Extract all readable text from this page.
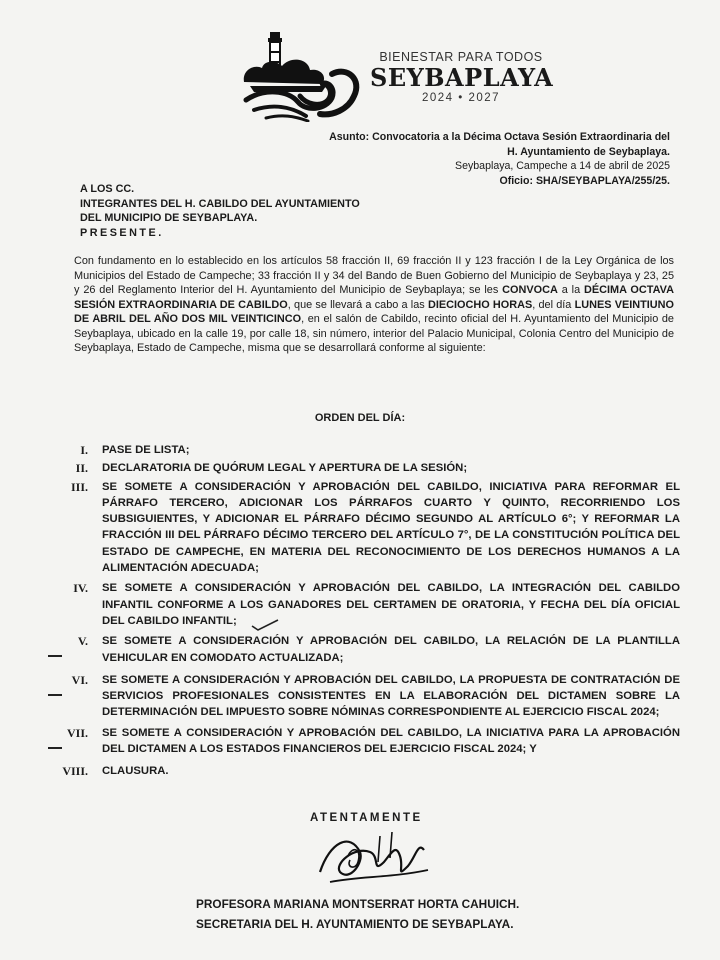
BIENESTAR PARA TODOS
SEYBAPLAYA
2024 • 2027
Asunto: Convocatoria a la Décima Octava Sesión Extraordinaria del
H. Ayuntamiento de Seybaplaya.
Seybaplaya, Campeche a 14 de abril de 2025
Oficio: SHA/SEYBAPLAYA/255/25.
A LOS CC.
INTEGRANTES DEL H. CABILDO DEL AYUNTAMIENTO
DEL MUNICIPIO DE SEYBAPLAYA.
PRESENTE.
Con fundamento en lo establecido en los artículos 58 fracción II, 69 fracción II y 123 fracción I de la Ley Orgánica de los Municipios del Estado de Campeche; 33 fracción II y 34 del Bando de Buen Gobierno del Municipio de Seybaplaya y 23, 25 y 26 del Reglamento Interior del H. Ayuntamiento del Municipio de Seybaplaya; se les CONVOCA a la DÉCIMA OCTAVA SESIÓN EXTRAORDINARIA DE CABILDO, que se llevará a cabo a las DIECIOCHO HORAS, del día LUNES VEINTIUNO DE ABRIL DEL AÑO DOS MIL VEINTICINCO, en el salón de Cabildo, recinto oficial del H. Ayuntamiento del Municipio de Seybaplaya, ubicado en la calle 19, por calle 18, sin número, interior del Palacio Municipal, Colonia Centro del Municipio de Seybaplaya, Estado de Campeche, misma que se desarrollará conforme al siguiente:
ORDEN DEL DÍA:
I. PASE DE LISTA;
II. DECLARATORIA DE QUÓRUM LEGAL Y APERTURA DE LA SESIÓN;
III. SE SOMETE A CONSIDERACIÓN Y APROBACIÓN DEL CABILDO, INICIATIVA PARA REFORMAR EL PÁRRAFO TERCERO, ADICIONAR LOS PÁRRAFOS CUARTO Y QUINTO, RECORRIENDO LOS SUBSIGUIENTES, Y ADICIONAR EL PÁRRAFO DÉCIMO SEGUNDO AL ARTÍCULO 6°; Y REFORMAR LA FRACCIÓN III DEL PÁRRAFO DÉCIMO TERCERO DEL ARTÍCULO 7°, DE LA CONSTITUCIÓN POLÍTICA DEL ESTADO DE CAMPECHE, EN MATERIA DEL RECONOCIMIENTO DE LOS DERECHOS HUMANOS A LA ALIMENTACIÓN ADECUADA;
IV. SE SOMETE A CONSIDERACIÓN Y APROBACIÓN DEL CABILDO, LA INTEGRACIÓN DEL CABILDO INFANTIL CONFORME A LOS GANADORES DEL CERTAMEN DE ORATORIA, Y FECHA DEL DÍA OFICIAL DEL CABILDO INFANTIL;
V. SE SOMETE A CONSIDERACIÓN Y APROBACIÓN DEL CABILDO, LA RELACIÓN DE LA PLANTILLA VEHICULAR EN COMODATO ACTUALIZADA;
VI. SE SOMETE A CONSIDERACIÓN Y APROBACIÓN DEL CABILDO, LA PROPUESTA DE CONTRATACIÓN DE SERVICIOS PROFESIONALES CONSISTENTES EN LA ELABORACIÓN DEL DICTAMEN SOBRE LA DETERMINACIÓN DEL IMPUESTO SOBRE NÓMINAS CORRESPONDIENTE AL EJERCICIO FISCAL 2024;
VII. SE SOMETE A CONSIDERACIÓN Y APROBACIÓN DEL CABILDO, LA INICIATIVA PARA LA APROBACIÓN DEL DICTAMEN A LOS ESTADOS FINANCIEROS DEL EJERCICIO FISCAL 2024; Y
VIII. CLAUSURA.
ATENTAMENTE
PROFESORA MARIANA MONTSERRAT HORTA CAHUICH.
SECRETARIA DEL H. AYUNTAMIENTO DE SEYBAPLAYA.
